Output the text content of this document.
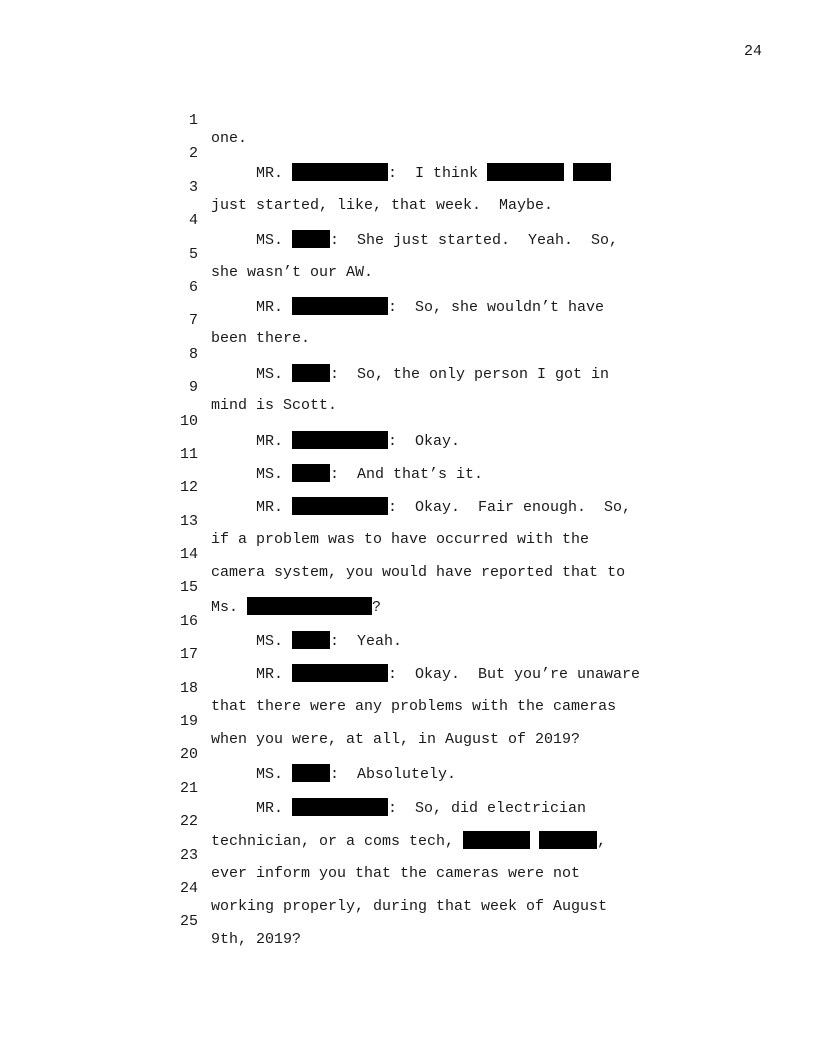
24

1

one.

2

MR.	:  I think

3

just started, like, that week.  Maybe.

4

MS.	:  She just started.  Yeah.  So,

5

she wasn’t our AW.

6

MR.	:  So, she wouldn’t have

7

been there.

8

MS.	:  So, the only person I got in

9

mind is Scott.

10

MR.	:  Okay.

11

MS.	:  And that’s it.

12

MR.	:  Okay.  Fair enough.  So,

13

if a problem was to have occurred with the

14

camera system, you would have reported that to

15

Ms.	?

16

MS.	:  Yeah.

17

MR.	:  Okay.  But you’re unaware

18

that there were any problems with the cameras

19

when you were, at all, in August of 2019?

20

MS.	:  Absolutely.

21

MR.	:  So, did electrician

22

technician, or a coms tech,	,

23

ever inform you that the cameras were not

24

working properly, during that week of August

25

9th, 2019?
